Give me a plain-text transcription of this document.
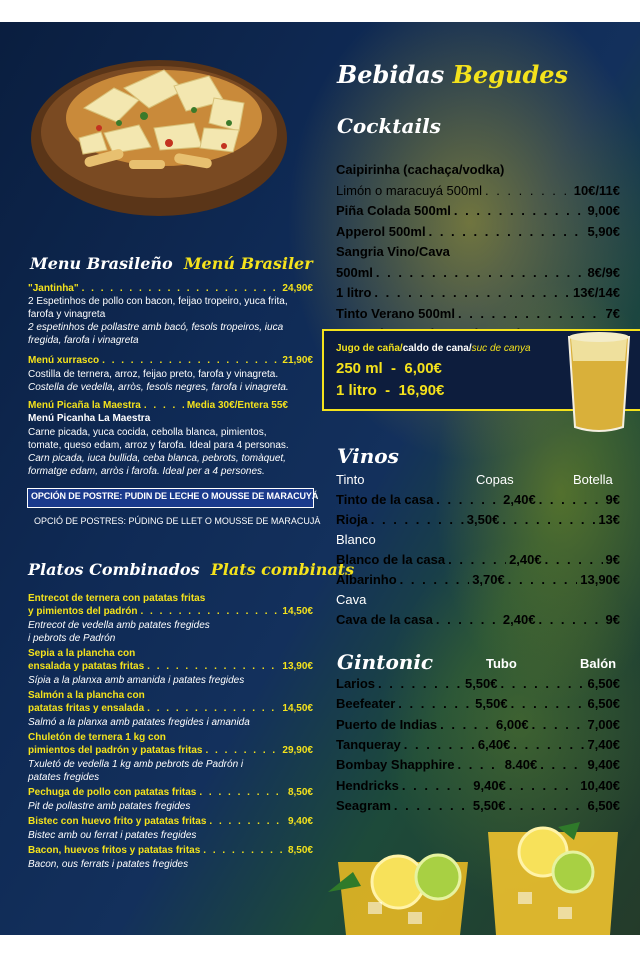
Menu Brasileño Menú Brasiler
"Jantinha" . . .	24,90€
2 Espetinhos de pollo con bacon, feijao tropeiro, yuca frita,
farofa y vinagreta
2 espetinhos de pollastre amb bacó, fesols tropeiros, iuca
fregida, farofa i vinagreta
Menú xurrasco . . .	21,90€
Costilla de ternera, arroz, feijao preto, farofa y vinagreta.
Costella de vedella, arròs, fesols negres, farofa i vinagreta.
Menú Picaña la Maestra . . .	Media 30€/Entera 55€
Menú Picanha La Maestra
Carne picada, yuca cocida, cebolla blanca, pimientos,
tomate, queso edam, arroz y farofa. Ideal para 4 personas.
Carn picada, iuca bullida, ceba blanca, pebrots, tomàquet,
formatge edam, arròs i farofa. Ideal per a 4 persones.
OPCIÓN DE POSTRE: PUDIN DE LECHE O MOUSSE DE MARACUYÁ
OPCIÓ DE POSTRES: PÚDING DE LLET O MOUSSE DE MARACUJÀ
Platos Combinados Plats combinats
Entrecot de ternera con patatas fritas
y pimientos del padrón . . .	14,50€
Entrecot de vedella amb patates fregides
i pebrots de Padrón
Sepia a la plancha con
ensalada y patatas fritas . . .	13,90€
Sípia a la planxa amb amanida i patates fregides
Salmón a la plancha con
patatas fritas y ensalada . . .	14,50€
Salmó a la planxa amb patates fregides i amanida
Chuletón de ternera 1 kg con
pimientos del padrón y patatas fritas . . .	29,90€
Txuletó de vedella 1 kg amb pebrots de Padrón i
patates fregides
Pechuga de pollo con patatas fritas . . .	8,50€
Pit de pollastre amb patates fregides
Bistec con huevo frito y patatas fritas . . .	9,40€
Bistec amb ou ferrat i patates fregides
Bacon, huevos fritos y patatas fritas . . .	8,50€
Bacon, ous ferrats i patates fregides
Bebidas Begudes
Cocktails
Caipirinha (cachaça/vodka)
Limón o maracuyá 500ml . . .	10€/11€
Piña Colada 500ml . . .	9,00€
Apperol 500ml . . .	5,90€
Sangria Vino/Cava
500ml . . .	8€/9€
1 litro . . .	13€/14€
Tinto Verano 500ml . . .	7€
. . .
Jugo de caña/caldo de cana/suc de canya
250 ml  -  6,00€
1 litro  -  16,90€
Vinos
Tinto	Copas	Botella
Tinto de la casa . . .	2,40€ . . .	9€
Rioja . . .	3,50€ . . .	13€
Blanco
Blanco de la casa . . .	2,40€ . . .	9€
Albarinho . . .	3,70€ . . .	13,90€
Cava
Cava de la casa . . .	2,40€ . . .	9€
Gintonic	Tubo	Balón
Larios . . .	5,50€ . . .	6,50€
Beefeater . . .	5,50€ . . .	6,50€
Puerto de Indias . . .	6,00€ . . .	7,00€
Tanqueray . . .	6,40€ . . .	7,40€
Bombay Shapphire . . .	8.40€ . . .	9,40€
Hendricks . . .	9,40€ . . .	10,40€
Seagram . . .	5,50€ . . .	6,50€
